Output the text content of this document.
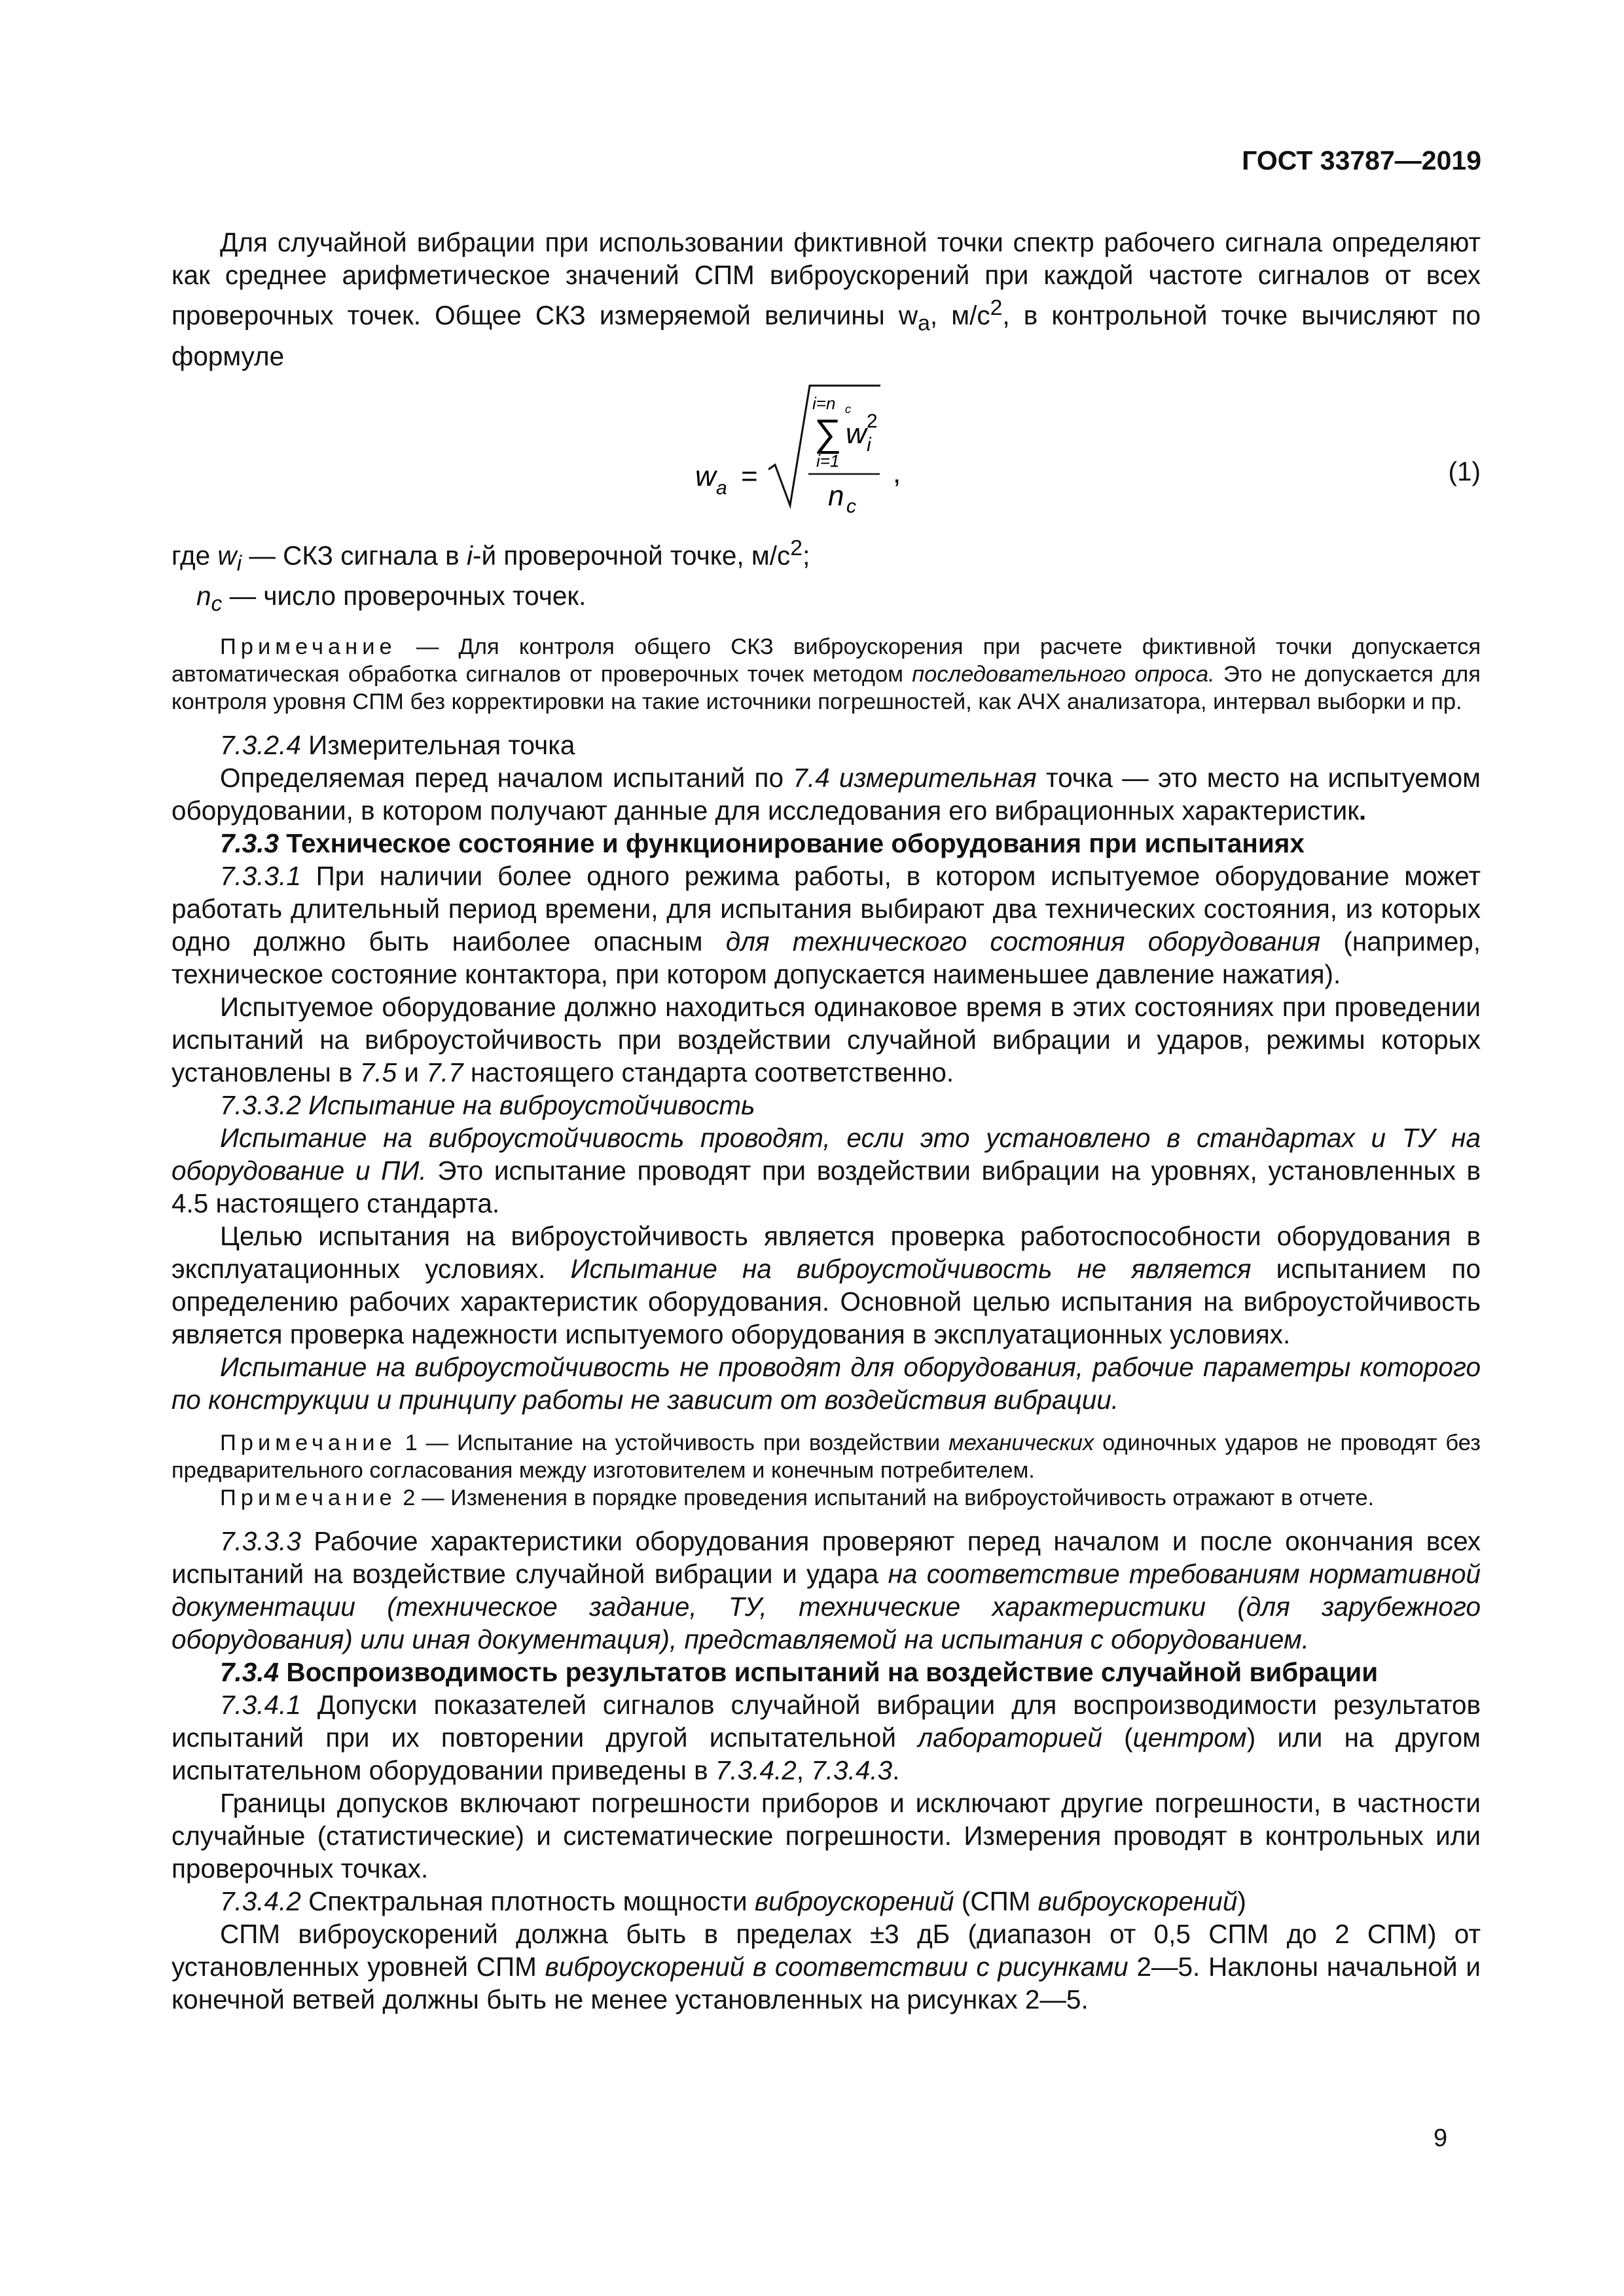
ГОСТ 33787—2019

Для случайной вибрации при использовании фиктивной точки спектр рабочего сигнала определяют как среднее арифметическое значений СПМ виброускорений при каждой частоте сигналов от всех проверочных точек. Общее СКЗ измеряемой величины $w_a$, $м/с^2$, в контрольной точке вычисляют по формуле

w a =
i=n c
∑ w 2
i
i=1
n c
,	(1)

где $w_i$ — СКЗ сигнала в i-й проверочной точке, $м/с^2$;

$n_c$ — число проверочных точек.

Примечание — Для контроля общего СКЗ виброускорения при расчете фиктивной точки допускается автоматическая обработка сигналов от проверочных точек методом последовательного опроса. Это не допускается для контроля уровня СПМ без корректировки на такие источники погрешностей, как АЧХ анализатора, интервал выборки и пр.

7.3.2.4 Измерительная точка

Определяемая перед началом испытаний по 7.4 измерительная точка — это место на испытуемом оборудовании, в котором получают данные для исследования его вибрационных характеристик.

7.3.3 Техническое состояние и функционирование оборудования при испытаниях

7.3.3.1 При наличии более одного режима работы, в котором испытуемое оборудование может работать длительный период времени, для испытания выбирают два технических состояния, из которых одно должно быть наиболее опасным для технического состояния оборудования (например, техническое состояние контактора, при котором допускается наименьшее давление нажатия).

Испытуемое оборудование должно находиться одинаковое время в этих состояниях при проведении испытаний на виброустойчивость при воздействии случайной вибрации и ударов, режимы которых установлены в 7.5 и 7.7 настоящего стандарта соответственно.

7.3.3.2 Испытание на виброустойчивость

Испытание на виброустойчивость проводят, если это установлено в стандартах и ТУ на оборудование и ПИ. Это испытание проводят при воздействии вибрации на уровнях, установленных в 4.5 настоящего стандарта.

Целью испытания на виброустойчивость является проверка работоспособности оборудования в эксплуатационных условиях. Испытание на виброустойчивость не является испытанием по определению рабочих характеристик оборудования. Основной целью испытания на виброустойчивость является проверка надежности испытуемого оборудования в эксплуатационных условиях.

Испытание на виброустойчивость не проводят для оборудования, рабочие параметры которого по конструкции и принципу работы не зависит от воздействия вибрации.

Примечание 1 — Испытание на устойчивость при воздействии механических одиночных ударов не проводят без предварительного согласования между изготовителем и конечным потребителем.

Примечание 2 — Изменения в порядке проведения испытаний на виброустойчивость отражают в отчете.

7.3.3.3 Рабочие характеристики оборудования проверяют перед началом и после окончания всех испытаний на воздействие случайной вибрации и удара на соответствие требованиям нормативной документации (техническое задание, ТУ, технические характеристики (для зарубежного оборудования) или иная документация), представляемой на испытания с оборудованием.

7.3.4 Воспроизводимость результатов испытаний на воздействие случайной вибрации

7.3.4.1 Допуски показателей сигналов случайной вибрации для воспроизводимости результатов испытаний при их повторении другой испытательной лабораторией (центром) или на другом испытательном оборудовании приведены в 7.3.4.2, 7.3.4.3.

Границы допусков включают погрешности приборов и исключают другие погрешности, в частности случайные (статистические) и систематические погрешности. Измерения проводят в контрольных или проверочных точках.

7.3.4.2 Спектральная плотность мощности виброускорений (СПМ виброускорений)

СПМ виброускорений должна быть в пределах ±3 дБ (диапазон от 0,5 СПМ до 2 СПМ) от установленных уровней СПМ виброускорений в соответствии с рисунками 2—5. Наклоны начальной и конечной ветвей должны быть не менее установленных на рисунках 2—5.

9
